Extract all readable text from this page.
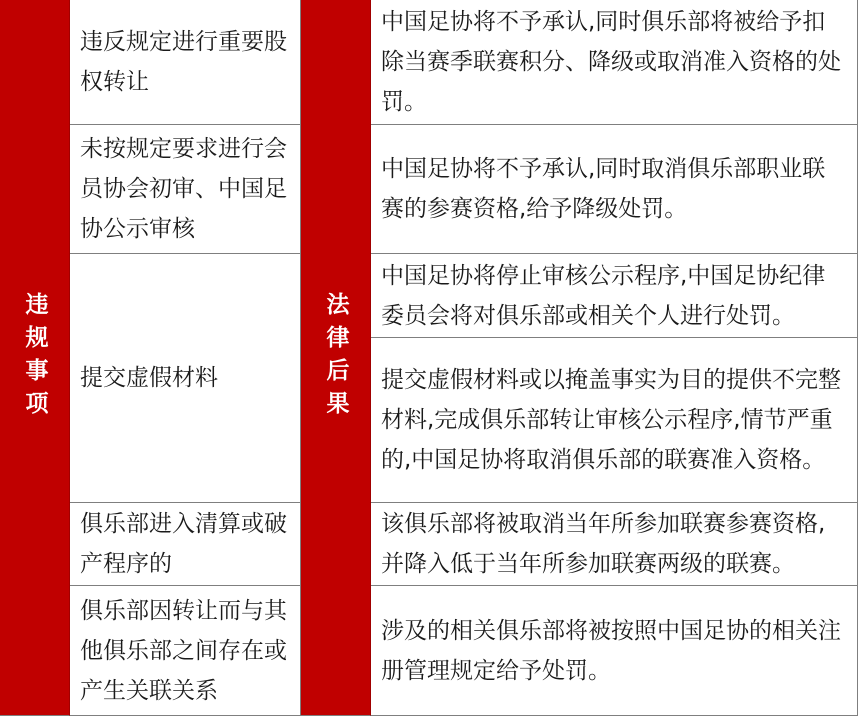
违规事项	法律后果
违反规定进行重要股权转让
中国足协将不予承认,同时俱乐部将被给予扣除当赛季联赛积分、降级或取消准入资格的处罚。
未按规定要求进行会员协会初审、中国足协公示审核
中国足协将不予承认,同时取消俱乐部职业联赛的参赛资格,给予降级处罚。
提交虚假材料
中国足协将停止审核公示程序,中国足协纪律委员会将对俱乐部或相关个人进行处罚。
提交虚假材料或以掩盖事实为目的提供不完整材料,完成俱乐部转让审核公示程序,情节严重的,中国足协将取消俱乐部的联赛准入资格。
俱乐部进入清算或破产程序的
该俱乐部将被取消当年所参加联赛参赛资格,并降入低于当年所参加联赛两级的联赛。
俱乐部因转让而与其他俱乐部之间存在或产生关联关系
涉及的相关俱乐部将被按照中国足协的相关注册管理规定给予处罚。
